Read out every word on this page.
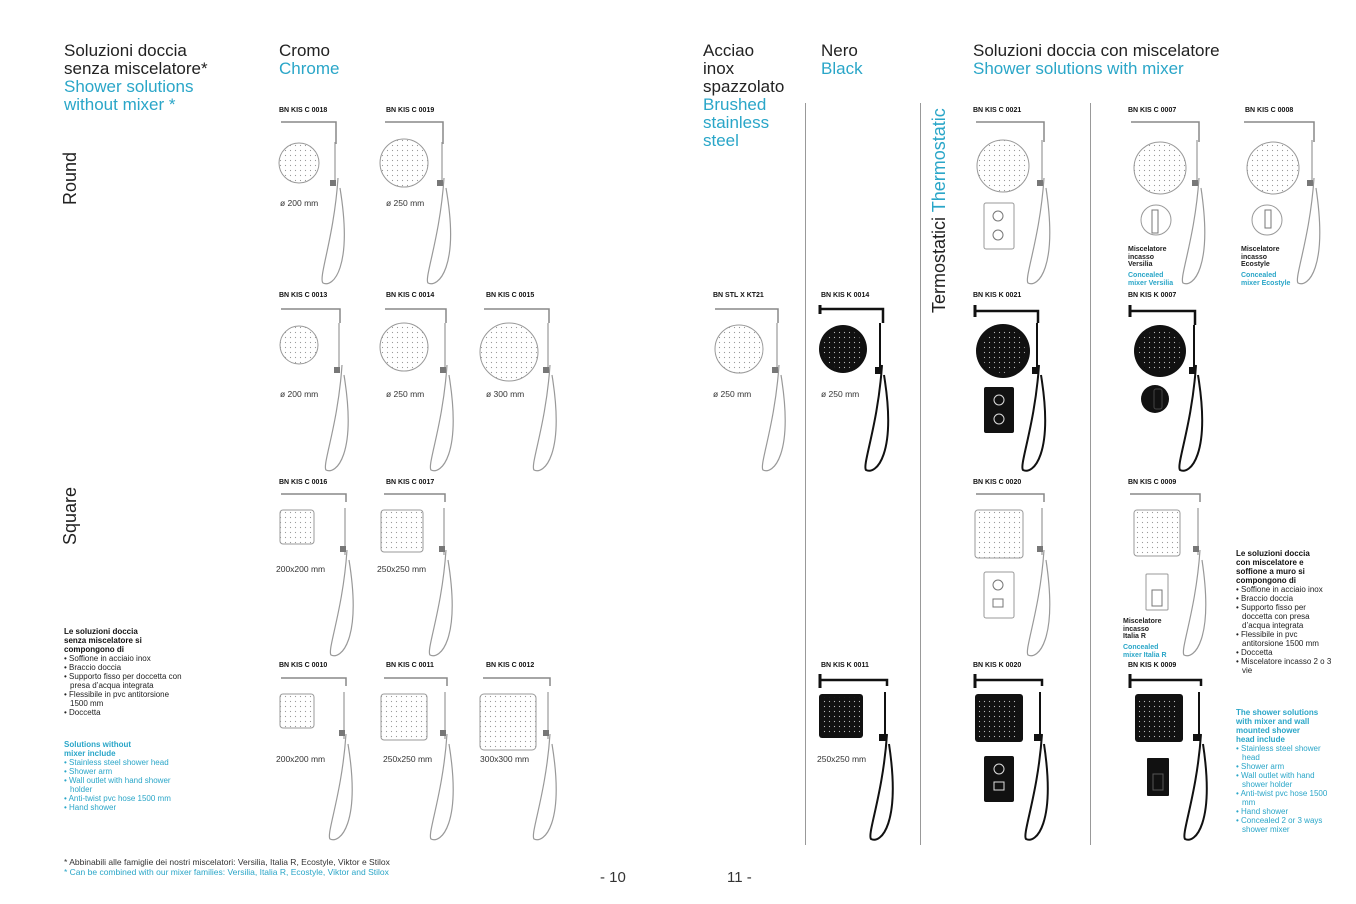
Soluzioni doccia
senza miscelatore*
Shower solutions
without mixer *
Cromo
Chrome
Round
Square
BN KIS C 0018
ø 200 mm
BN KIS C 0019
ø 250 mm
BN KIS C 0013
ø 200 mm
BN KIS C 0014
ø 250 mm
BN KIS C 0015
ø 300 mm
BN KIS C 0016
200x200 mm
BN KIS C 0017
250x250 mm
BN KIS C 0010
200x200 mm
BN KIS C 0011
250x250 mm
BN KIS C 0012
300x300 mm
Le soluzioni doccia
senza miscelatore si
compongono di
• Soffione in acciaio inox
• Braccio doccia
• Supporto fisso per doccetta con presa d’acqua integrata
• Flessibile in pvc antitorsione 1500 mm
• Doccetta
Solutions without
mixer include
• Stainless steel shower head
• Shower arm
• Wall outlet with hand shower holder
• Anti-twist pvc hose 1500 mm
• Hand shower
* Abbinabili alle famiglie dei nostri miscelatori: Versilia, Italia R, Ecostyle, Viktor e Stilox
* Can be combined with our mixer families: Versilia, Italia R, Ecostyle, Viktor and Stilox	- 10
Acciao
inox
spazzolato
Brushed
stainless
steel
Nero
Black
Soluzioni doccia con miscelatore
Shower solutions with mixer
Termostatici Thermostatic
BN STL X KT21
ø 250 mm
BN KIS K 0014
ø 250 mm
BN KIS K 0011
250x250 mm
BN KIS C 0021
BN KIS K 0021
BN KIS C 0020
BN KIS K 0020
BN KIS C 0007
Miscelatore
incasso
Versilia
Concealed
mixer Versilia
BN KIS C 0008
Miscelatore
incasso
Ecostyle
Concealed
mixer Ecostyle
BN KIS K 0007
BN KIS C 0009
Miscelatore
incasso
Italia R
Concealed
mixer Italia R
BN KIS K 0009
Le soluzioni doccia
con miscelatore e
soffione a muro si
compongono di
• Soffione in acciaio inox
• Braccio doccia
• Supporto fisso per doccetta con presa d’acqua integrata
• Flessibile in pvc antitorsione 1500 mm
• Doccetta
• Miscelatore incasso 2 o 3 vie
The shower solutions
with mixer and wall
mounted shower
head include
• Stainless steel shower head
• Shower arm
• Wall outlet with hand shower holder
• Anti-twist pvc hose 1500 mm
• Hand shower
• Concealed 2 or 3 ways shower mixer
11 -
